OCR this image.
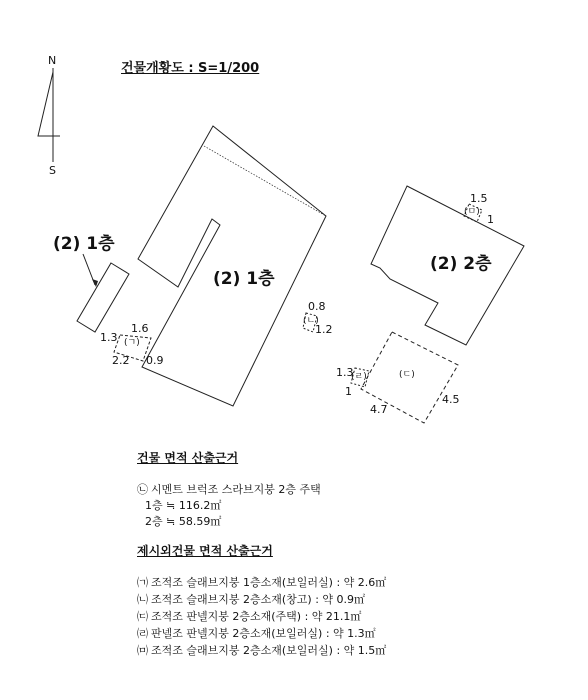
건물개황도 : S=1/200
N
S
(2) 1층
(2) 1층
(2) 2층
(ㄱ)
1.3
1.6
2.2 0.9
(ㄴ)
0.8
1.2
(ㅁ)
1.5
1
(ㄹ)
1.3
1
(ㄷ)
4.7
4.5
건물 면적 산출근거
㉡ 시멘트 브럭조 스라브지붕 2층 주택
1층 ≒ 116.2㎡
2층 ≒ 58.59㎡
제시외건물 면적 산출근거
㈀ 조적조 슬래브지붕 1층소재(보일러실) : 약 2.6㎡
㈁ 조적조 슬래브지붕 2층소재(창고) : 약 0.9㎡
㈂ 조적조 판넬지붕 2층소재(주택) : 약 21.1㎡
㈃ 판넬조 판넬지붕 2층소재(보일러실) : 약 1.3㎡
㈄ 조적조 슬래브지붕 2층소재(보일러실) : 약 1.5㎡
